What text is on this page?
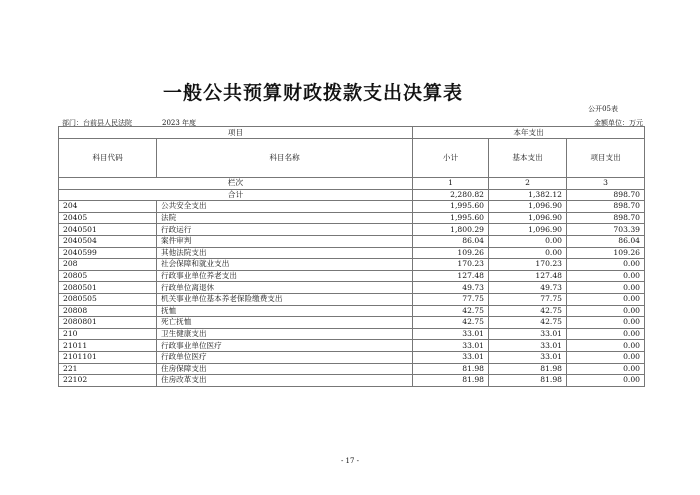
一般公共预算财政拨款支出决算表
公开05表
部门：台前县人民法院	2023 年度	金额单位：万元
项目		本年支出		
科目代码	科目名称	小计	基本支出	项目支出
栏次		1	2	3
合计		2,280.82	1,382.12	898.70
204	公共安全支出	1,995.60	1,096.90	898.70
20405	法院	1,995.60	1,096.90	898.70
2040501	行政运行	1,800.29	1,096.90	703.39
2040504	案件审判	86.04	0.00	86.04
2040599	其他法院支出	109.26	0.00	109.26
208	社会保障和就业支出	170.23	170.23	0.00
20805	行政事业单位养老支出	127.48	127.48	0.00
2080501	行政单位离退休	49.73	49.73	0.00
2080505	机关事业单位基本养老保险缴费支出	77.75	77.75	0.00
20808	抚恤	42.75	42.75	0.00
2080801	死亡抚恤	42.75	42.75	0.00
210	卫生健康支出	33.01	33.01	0.00
21011	行政事业单位医疗	33.01	33.01	0.00
2101101	行政单位医疗	33.01	33.01	0.00
221	住房保障支出	81.98	81.98	0.00
22102	住房改革支出	81.98	81.98	0.00
- 17 -
